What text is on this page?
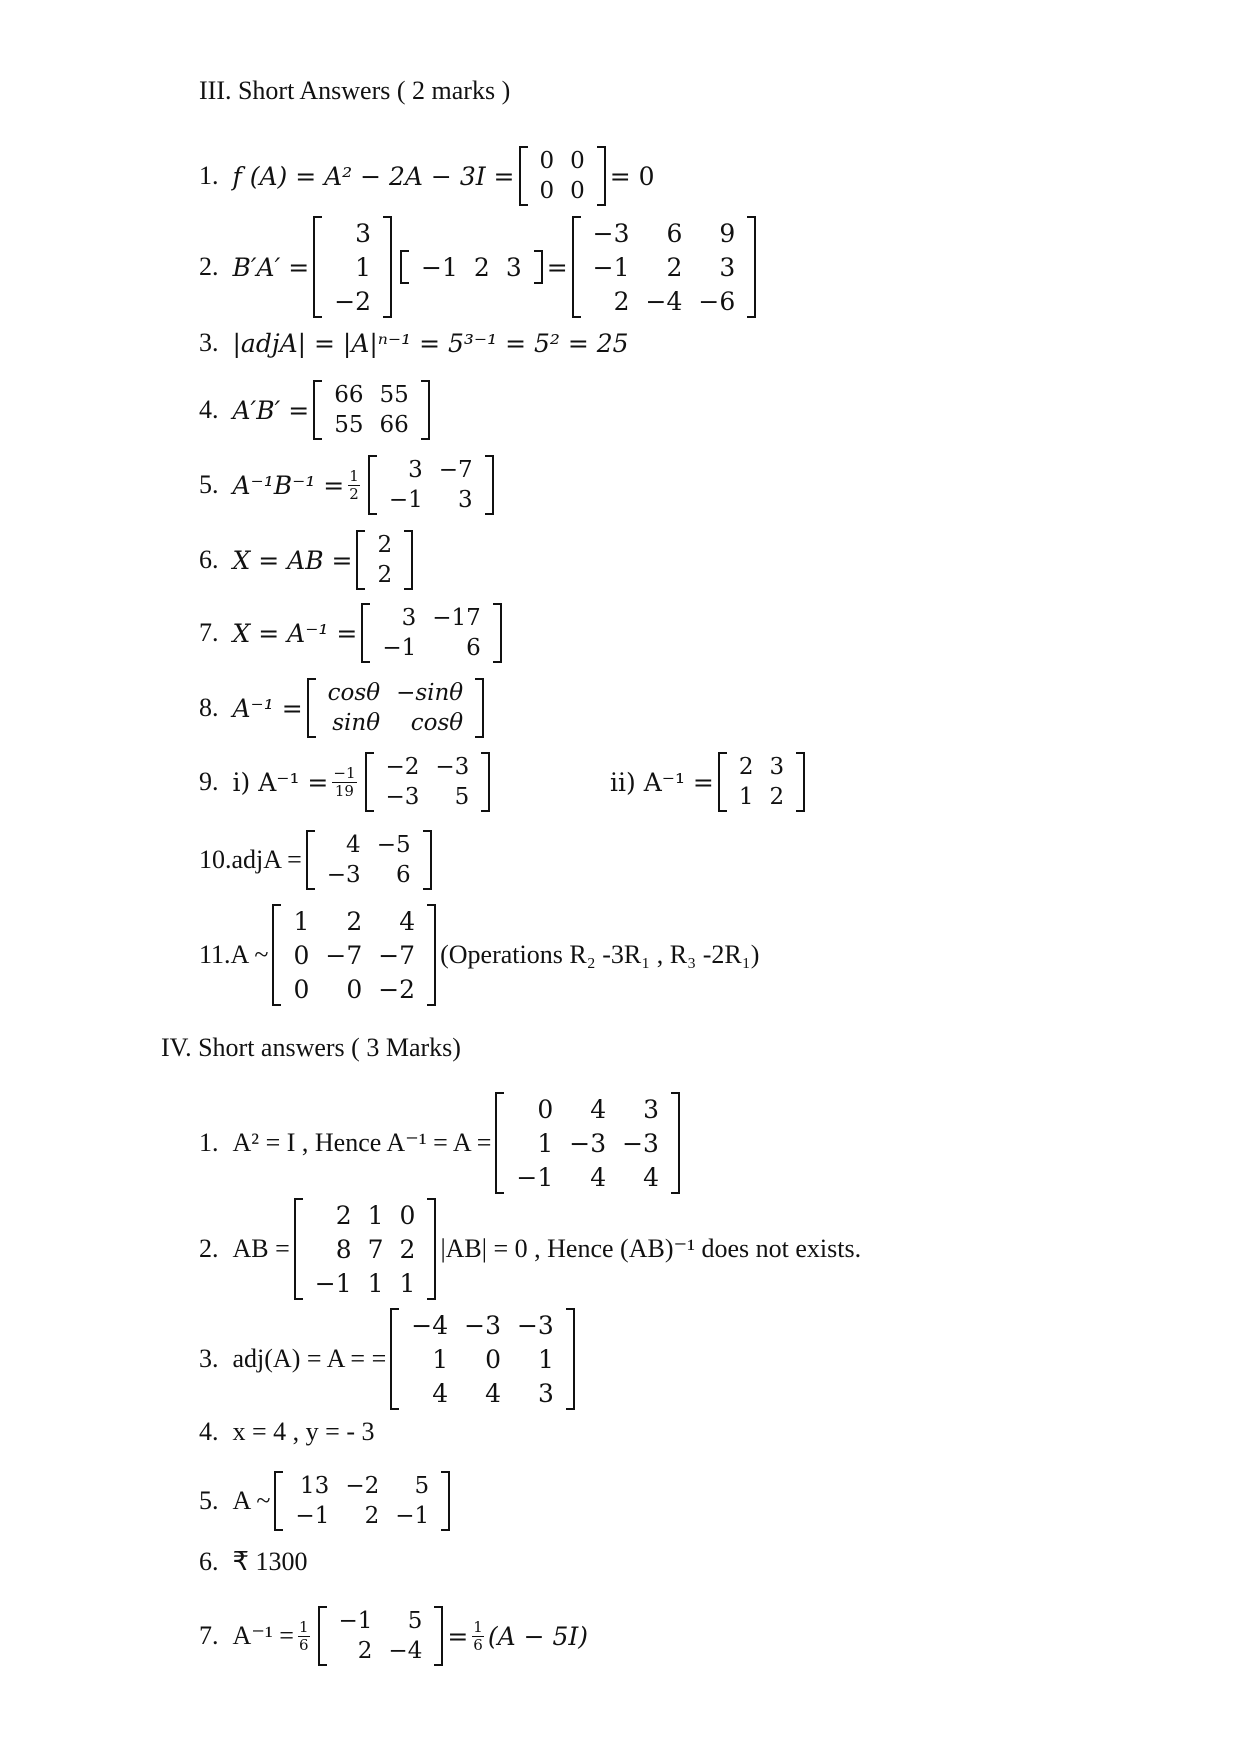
III. Short Answers ( 2 marks )
1. f (A) = A² − 2A − 3I =
0 0
0 0	= 0
2. B′A′ =
3
1
−2
−1 2 3	=
−3	6	9
−1	2	3
2 −4 −6
3. |adjA| = |A|ⁿ⁻¹ = 5³⁻¹ = 5² = 25
4. A′B′ =
66 55
55 66
5. $A^{-1}B^{-1} = \frac{1}{2}$	3 −7
−1	3
6. X = AB =
2
2
7. X = A⁻¹ =
3 −17
−1	6
8. A⁻¹ =
cosθ −sinθ
sinθ	cosθ
9. i) $A^{-1} = \frac{-1}{19}$	−2 −3
−3	5	ii) A⁻¹ =
2 3
1 2
10. adjA =
4 −5
−3	6
11. A ~
1	2	4
0 −7 −7
0	0 −2
(Operations R₂ -3R₁ , R₃ -2R₁)
IV. Short answers ( 3 Marks)
1. A² = I , Hence A⁻¹ = A =
0	4	3
1 −3 −3
−1	4	4
2. AB =
2 1 0
8 7 2
−1 1 1
|AB| = 0 , Hence (AB)⁻¹ does not exists.
3. adj(A) = A = =
−4 −3 −3
1	0	1
4	4	3
4. x = 4 , y = - 3
5. A ~
13 −2	5
−1	2 −1
6. ₹ 1300
7. $A^{-1} = \frac{1}{6}$	−1	5
2 −4	= $\frac{1}{6} (A - 5I)$
